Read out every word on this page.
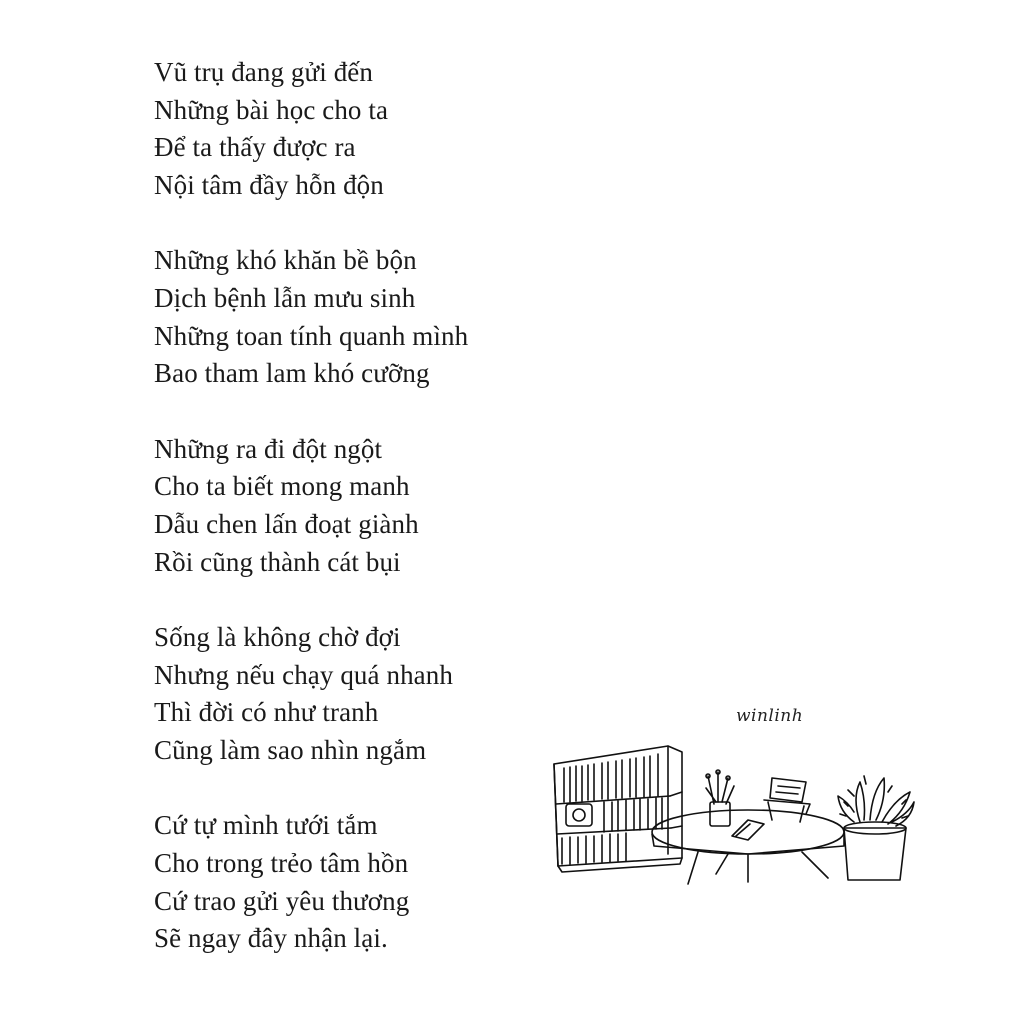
Vũ trụ đang gửi đến
Những bài học cho ta
Để ta thấy được ra
Nội tâm đầy hỗn độn
Những khó khăn bề bộn
Dịch bệnh lẫn mưu sinh
Những toan tính quanh mình
Bao tham lam khó cưỡng
Những ra đi đột ngột
Cho ta biết mong manh
Dẫu chen lấn đoạt giành
Rồi cũng thành cát bụi
Sống là không chờ đợi
Nhưng nếu chạy quá nhanh
Thì đời có như tranh
Cũng làm sao nhìn ngắm
Cứ tự mình tưới tắm
Cho trong trẻo tâm hồn
Cứ trao gửi yêu thương
Sẽ ngay đây nhận lại.
winlinh
